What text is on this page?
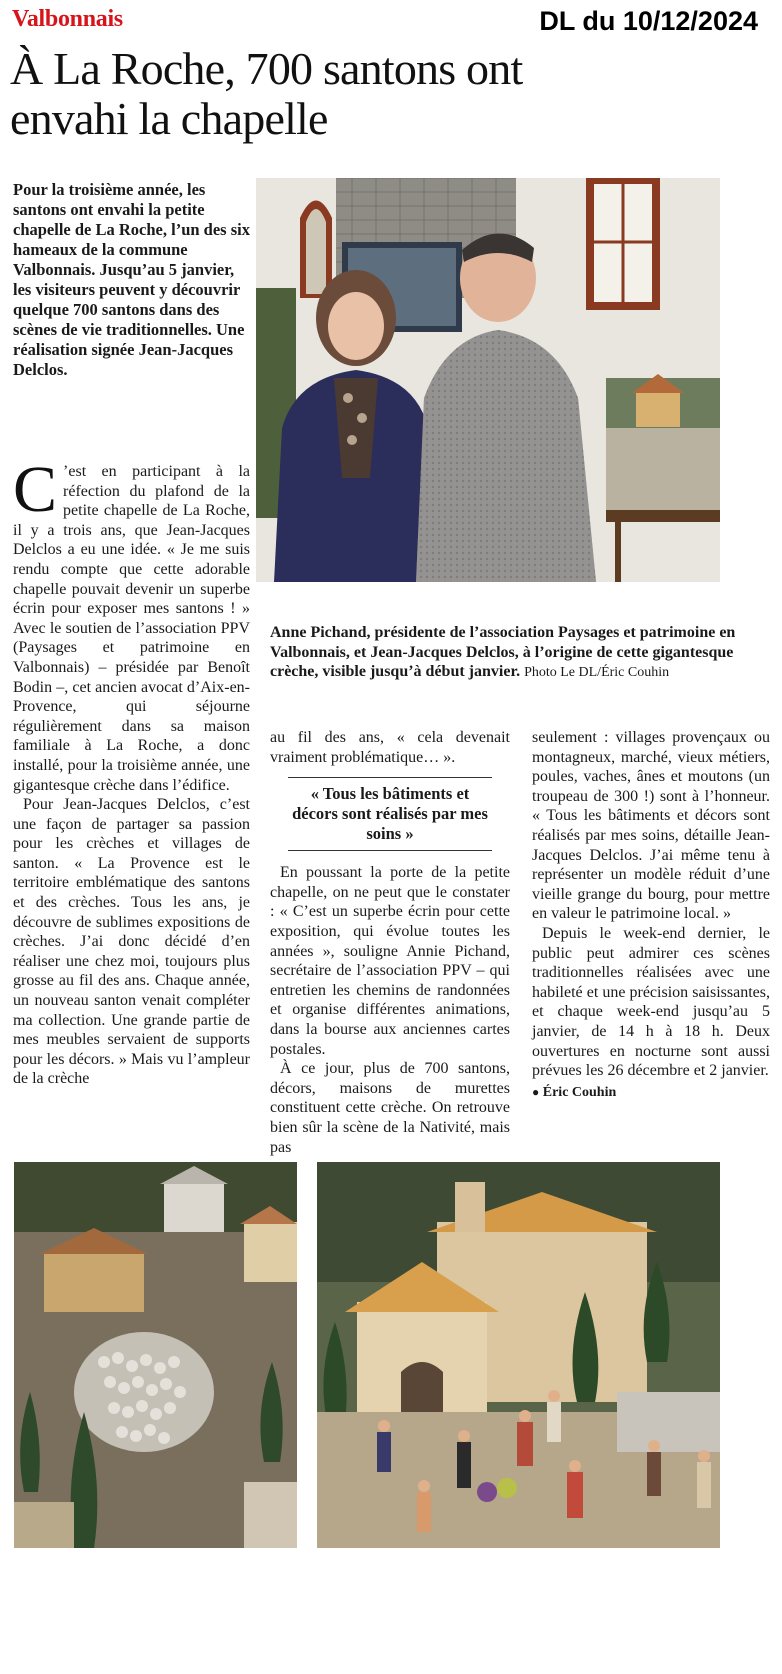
Valbonnais	DL du 10/12/2024
À La Roche, 700 santons ont envahi la chapelle

Pour la troisième année, les santons ont envahi la petite chapelle de La Roche, l’un des six hameaux de la commune Valbonnais. Jusqu’au 5 janvier, les visiteurs peuvent y découvrir quelque 700 santons dans des scènes de vie traditionnelles. Une réalisation signée Jean-Jacques Delclos.

Anne Pichand, présidente de l’association Paysages et patrimoine en Valbonnais, et Jean-Jacques Delclos, à l’origine de cette gigantesque crèche, visible jusqu’à début janvier. Photo Le DL/Éric Couhin

C ’est en participant à la réfection du plafond de la petite chapelle de La Roche, il y a trois ans, que Jean-Jacques Delclos a eu une idée. « Je me suis rendu compte que cette adorable chapelle pouvait devenir un superbe écrin pour exposer mes santons ! » Avec le soutien de l’association PPV (Paysages et patrimoine en Valbonnais) – présidée par Benoît Bodin –, cet ancien avocat d’Aix-en-Provence, qui séjourne régulièrement dans sa maison familiale à La Roche, a donc installé, pour la troisième année, une gigantesque crèche dans l’édifice.

Pour Jean-Jacques Delclos, c’est une façon de partager sa passion pour les crèches et villages de santon. « La Provence est le territoire emblématique des santons et des crèches. Tous les ans, je découvre de sublimes expositions de crèches. J’ai donc décidé d’en réaliser une chez moi, toujours plus grosse au fil des ans. Chaque année, un nouveau santon venait compléter ma collection. Une grande partie de mes meubles servaient de supports pour les décors. » Mais vu l’ampleur de la crèche

au fil des ans, « cela devenait vraiment problématique… ».

« Tous les bâtiments et décors sont réalisés par mes soins »

En poussant la porte de la petite chapelle, on ne peut que le constater : « C’est un superbe écrin pour cette exposition, qui évolue toutes les années », souligne Annie Pichand, secrétaire de l’association PPV – qui entretien les chemins de randonnées et organise différentes animations, dans la bourse aux anciennes cartes postales.

À ce jour, plus de 700 santons, décors, maisons de murettes constituent cette crèche. On retrouve bien sûr la scène de la Nativité, mais pas

seulement : villages provençaux ou montagneux, marché, vieux métiers, poules, vaches, ânes et moutons (un troupeau de 300 !) sont à l’honneur. « Tous les bâtiments et décors sont réalisés par mes soins, détaille Jean-Jacques Delclos. J’ai même tenu à représenter un modèle réduit d’une vieille grange du bourg, pour mettre en valeur le patrimoine local. »

Depuis le week-end dernier, le public peut admirer ces scènes traditionnelles réalisées avec une habileté et une précision saisissantes, et chaque week-end jusqu’au 5 janvier, de 14 h à 18 h. Deux ouvertures en nocturne sont aussi prévues les 26 décembre et 2 janvier.

● Éric Couhin
